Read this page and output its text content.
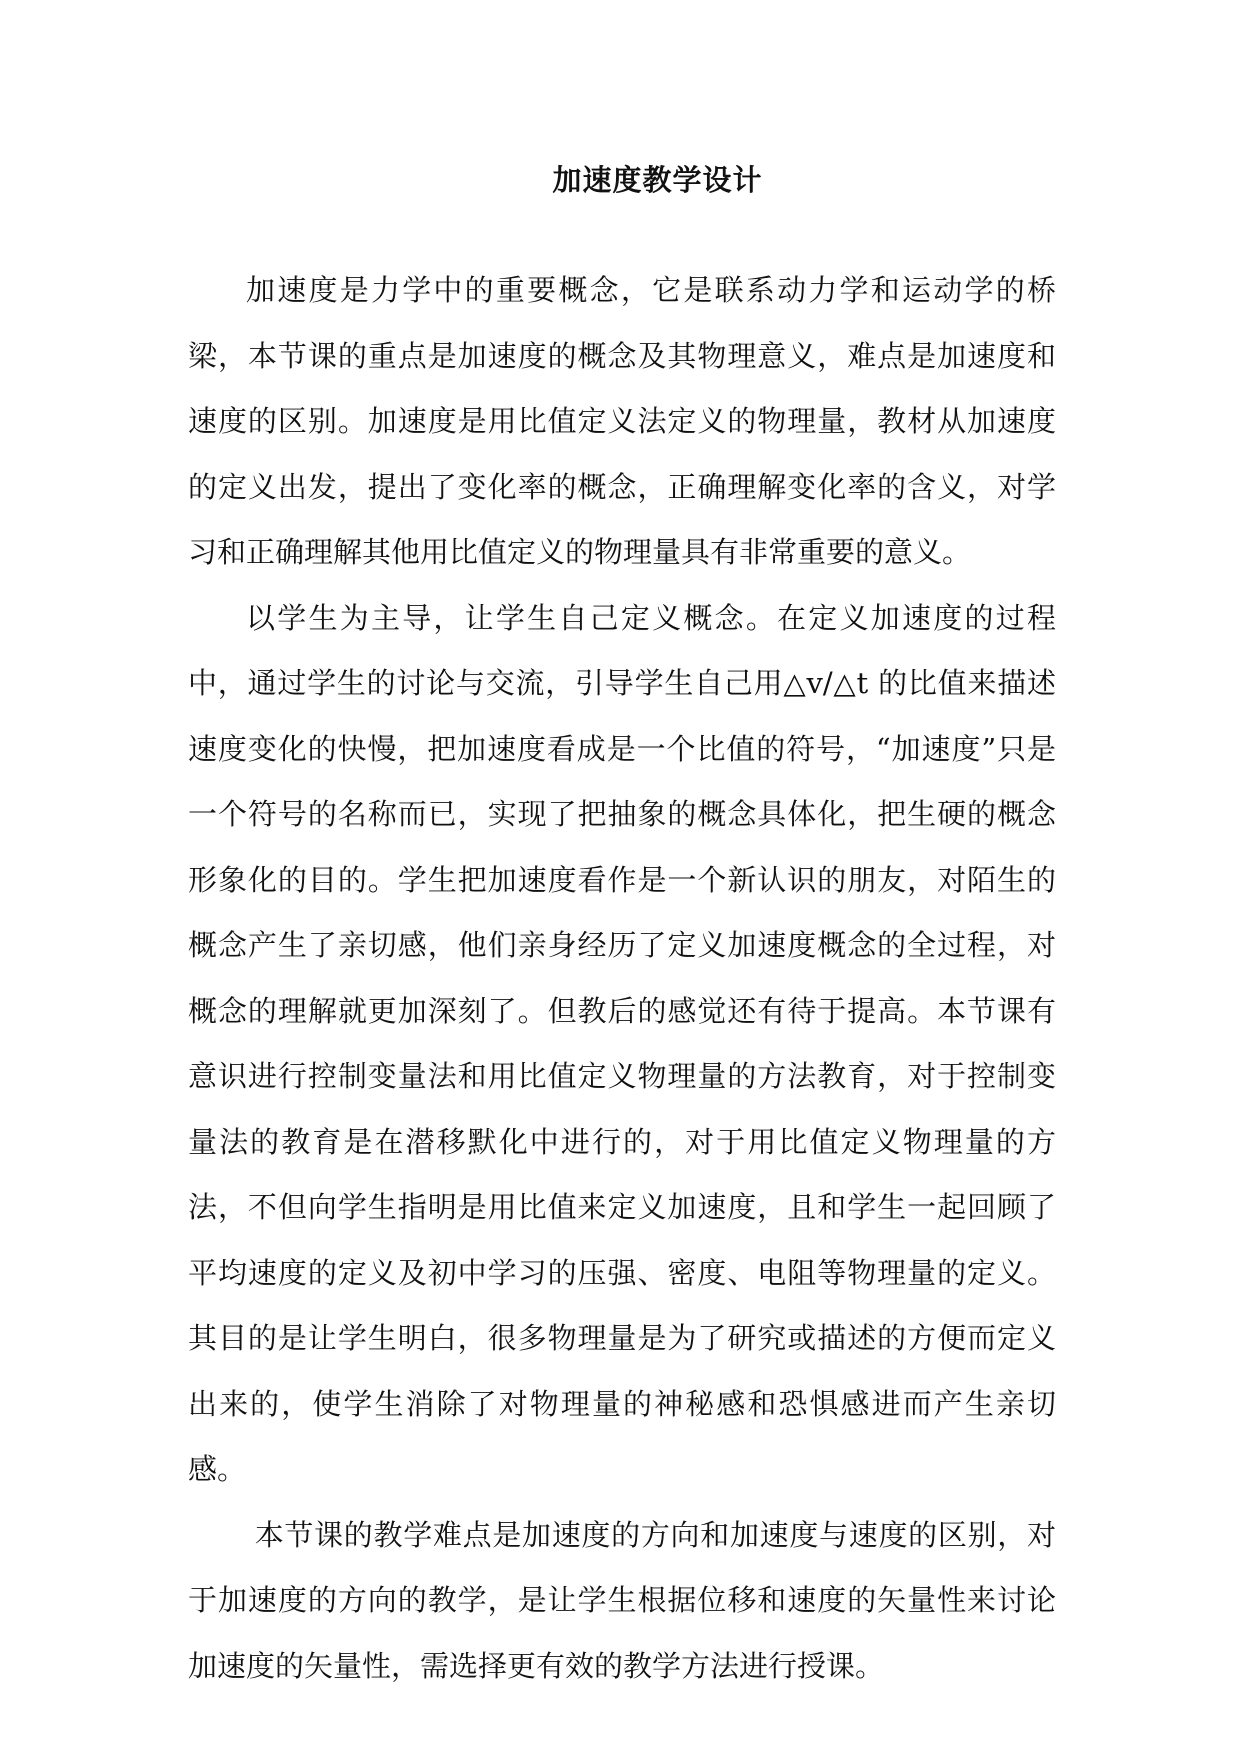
加速度教学设计

加速度是力学中的重要概念，它是联系动力学和运动学的桥梁，本节课的重点是加速度的概念及其物理意义，难点是加速度和速度的区别。加速度是用比值定义法定义的物理量，教材从加速度的定义出发，提出了变化率的概念，正确理解变化率的含义，对学习和正确理解其他用比值定义的物理量具有非常重要的意义。

以学生为主导，让学生自己定义概念。在定义加速度的过程中，通过学生的讨论与交流，引导学生自己用△v/△t 的比值来描述速度变化的快慢，把加速度看成是一个比值的符号，“加速度”只是一个符号的名称而已，实现了把抽象的概念具体化，把生硬的概念形象化的目的。学生把加速度看作是一个新认识的朋友，对陌生的概念产生了亲切感，他们亲身经历了定义加速度概念的全过程，对概念的理解就更加深刻了。但教后的感觉还有待于提高。本节课有意识进行控制变量法和用比值定义物理量的方法教育，对于控制变量法的教育是在潜移默化中进行的，对于用比值定义物理量的方法，不但向学生指明是用比值来定义加速度，且和学生一起回顾了平均速度的定义及初中学习的压强、密度、电阻等物理量的定义。其目的是让学生明白，很多物理量是为了研究或描述的方便而定义出来的，使学生消除了对物理量的神秘感和恐惧感进而产生亲切感。

本节课的教学难点是加速度的方向和加速度与速度的区别，对于加速度的方向的教学，是让学生根据位移和速度的矢量性来讨论加速度的矢量性，需选择更有效的教学方法进行授课。
